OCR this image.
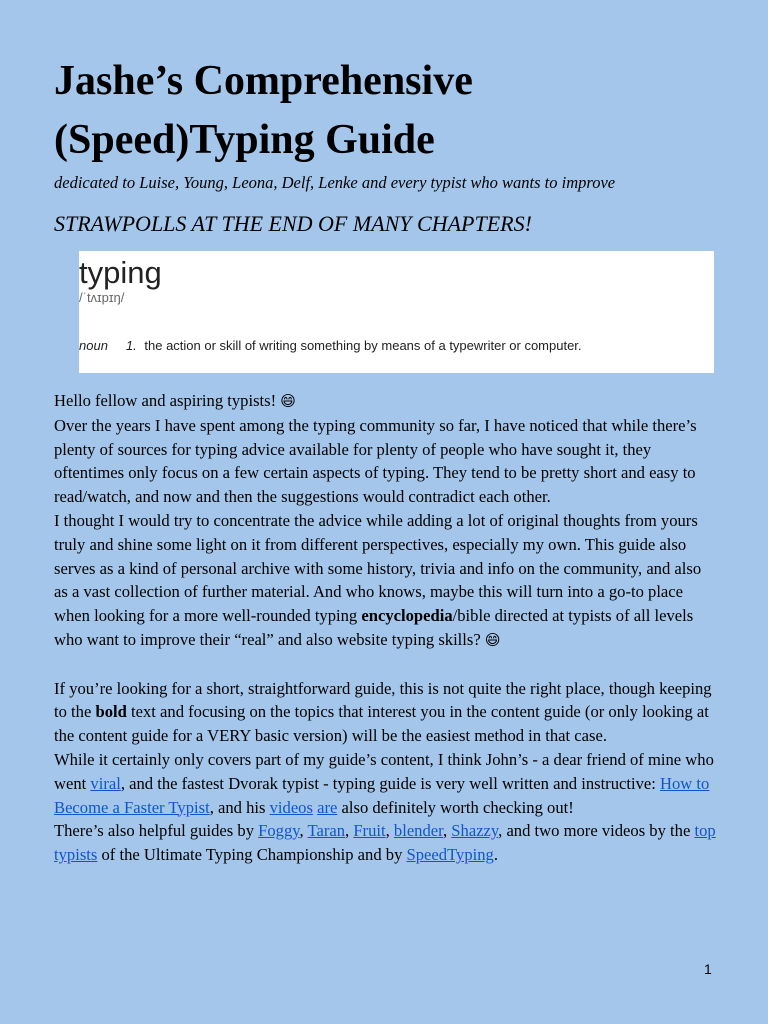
Jashe’s Comprehensive
(Speed)Typing Guide
dedicated to Luise, Young, Leona, Delf, Lenke and every typist who wants to improve
STRAWPOLLS AT THE END OF MANY CHAPTERS!
typing
/ˈtʌɪpɪŋ/
noun 1. the action or skill of writing something by means of a typewriter or computer.

Hello fellow and aspiring typists! 😄

Over the years I have spent among the typing community so far, I have noticed that while there’s plenty of sources for typing advice available for plenty of people who have sought it, they oftentimes only focus on a few certain aspects of typing. They tend to be pretty short and easy to read/watch, and now and then the suggestions would contradict each other.

I thought I would try to concentrate the advice while adding a lot of original thoughts from yours truly and shine some light on it from different perspectives, especially my own. This guide also serves as a kind of personal archive with some history, trivia and info on the community, and also as a vast collection of further material. And who knows, maybe this will turn into a go-to place when looking for a more well-rounded typing encyclopedia/bible directed at typists of all levels who want to improve their “real” and also website typing skills? 😄

If you’re looking for a short, straightforward guide, this is not quite the right place, though keeping to the bold text and focusing on the topics that interest you in the content guide (or only looking at the content guide for a VERY basic version) will be the easiest method in that case.

While it certainly only covers part of my guide’s content, I think John’s - a dear friend of mine who went viral, and the fastest Dvorak typist - typing guide is very well written and instructive: How to Become a Faster Typist, and his videos are also definitely worth checking out!

There’s also helpful guides by Foggy, Taran, Fruit, blender, Shazzy, and two more videos by the top typists of the Ultimate Typing Championship and by SpeedTyping.

1
